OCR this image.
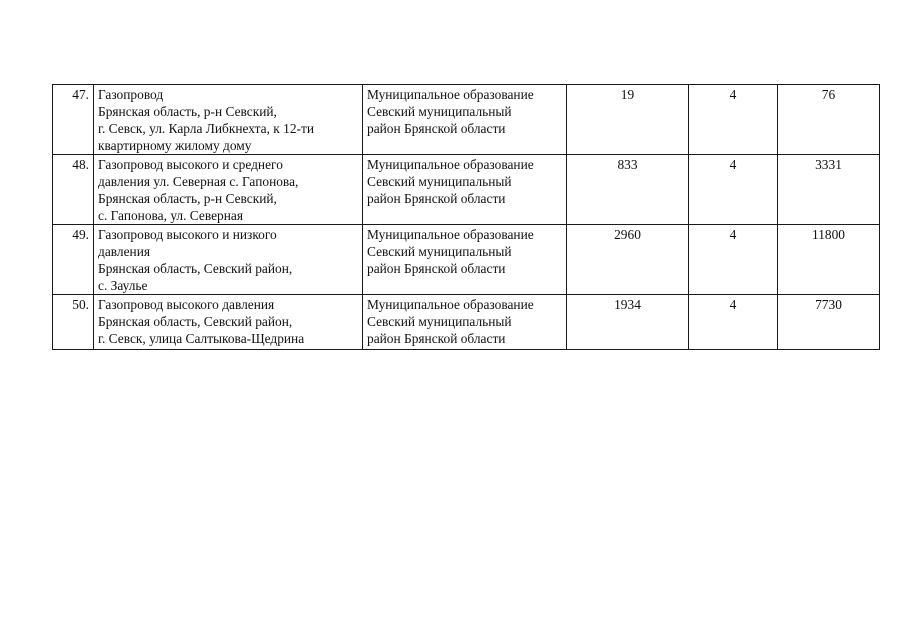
47.	Газопровод
Брянская область, р-н Севский,
г. Севск, ул. Карла Либкнехта, к 12-ти
квартирному жилому дому	Муниципальное образование
Севский муниципальный
район Брянской области	19	4	76
48.	Газопровод высокого и среднего
давления ул. Северная с. Гапонова,
Брянская область, р-н Севский,
с. Гапонова, ул. Северная	Муниципальное образование
Севский муниципальный
район Брянской области	833	4	3331
49.	Газопровод высокого и низкого
давления
Брянская область, Севский район,
с. Заулье	Муниципальное образование
Севский муниципальный
район Брянской области	2960	4	11800
50.	Газопровод высокого давления
Брянская область, Севский район,
г. Севск, улица Салтыкова-Щедрина	Муниципальное образование
Севский муниципальный
район Брянской области	1934	4	7730
